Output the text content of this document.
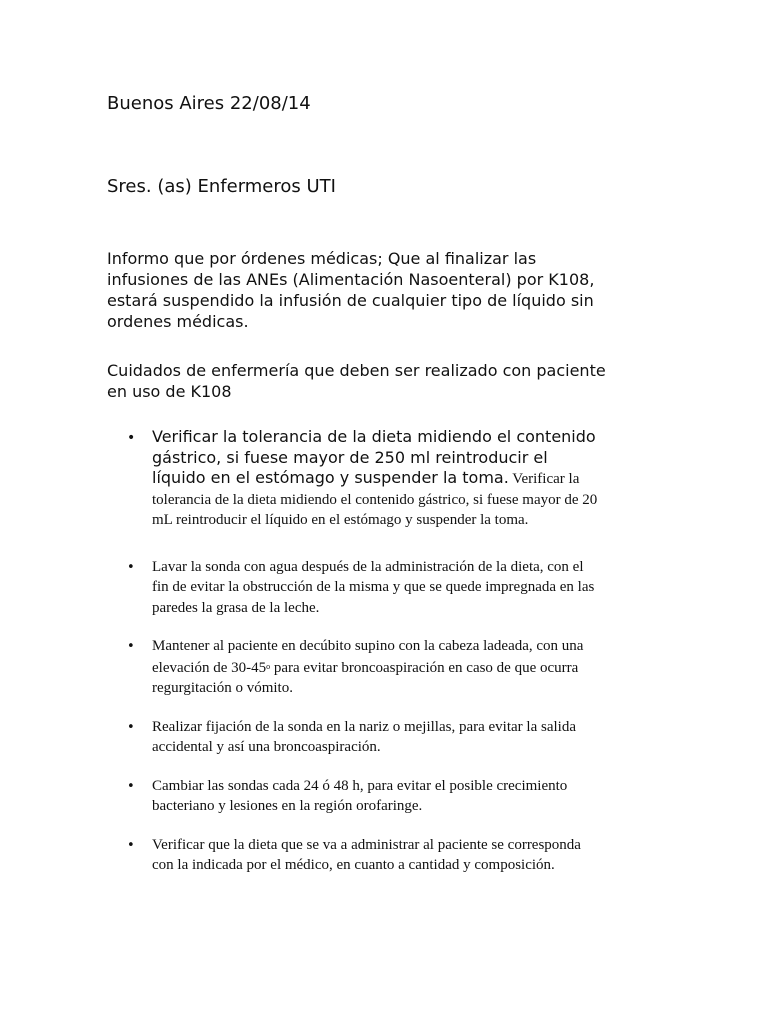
Buenos Aires 22/08/14
Sres. (as) Enfermeros UTI

Informo que por órdenes médicas; Que al finalizar las
infusiones de las ANEs (Alimentación Nasoenteral) por K108,
estará suspendido la infusión de cualquier tipo de líquido sin
ordenes médicas.

Cuidados de enfermería que deben ser realizado con paciente
en uso de K108

• Verificar la tolerancia de la dieta midiendo el contenido
gástrico, si fuese mayor de 250 ml reintroducir el
líquido en el estómago y suspender la toma. Verificar la
tolerancia de la dieta midiendo el contenido gástrico, si fuese mayor de 20
mL reintroducir el líquido en el estómago y suspender la toma.
• Lavar la sonda con agua después de la administración de la dieta, con el
fin de evitar la obstrucción de la misma y que se quede impregnada en las
paredes la grasa de la leche.
• Mantener al paciente en decúbito supino con la cabeza ladeada, con una
elevación de 30-45$^o$ para evitar broncoaspiración en caso de que ocurra
regurgitación o vómito.
• Realizar fijación de la sonda en la nariz o mejillas, para evitar la salida
accidental y así una broncoaspiración.
• Cambiar las sondas cada 24 ó 48 h, para evitar el posible crecimiento
bacteriano y lesiones en la región orofaringe.
• Verificar que la dieta que se va a administrar al paciente se corresponda
con la indicada por el médico, en cuanto a cantidad y composición.
